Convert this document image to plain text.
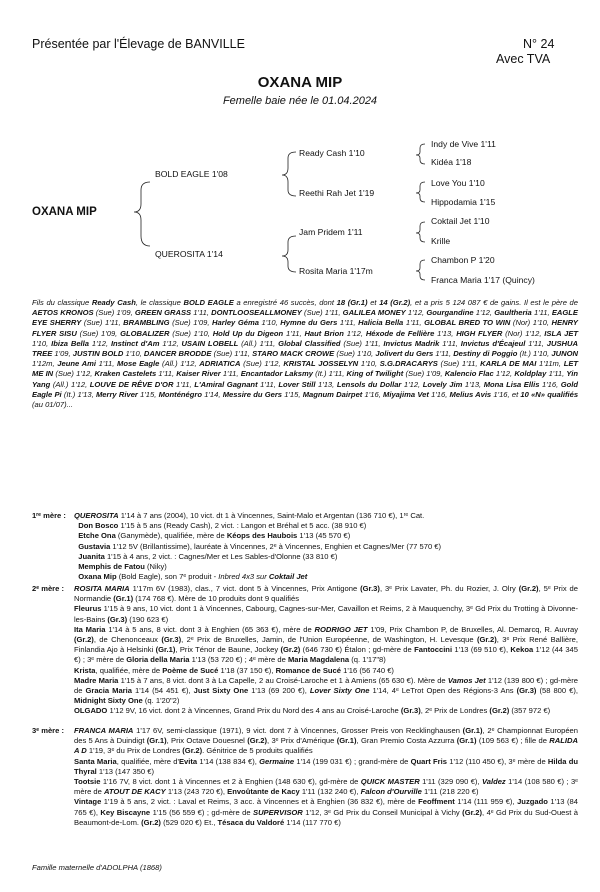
Présentée par l'Élevage de BANVILLE	N° 24
Avec TVA
OXANA MIP
Femelle baie née le 01.04.2024
OXANA MIP
BOLD EAGLE 1'08
QUEROSITA 1'14
Ready Cash 1'10
Reethi Rah Jet 1'19
Jam Pridem 1'11
Rosita Maria 1'17m
Indy de Vive 1'11
Kidéa 1'18
Love You 1'10
Hippodamia 1'15
Coktail Jet 1'10
Krille
Chambon P 1'20
Franca Maria 1'17 (Quincy)
Fils du classique Ready Cash, le classique BOLD EAGLE a enregistré 46 succès, dont 18 (Gr.1) et 14 (Gr.2), et a pris 5 124 087 € de gains. Il est le père de AETOS KRONOS (Sue) 1'09, GREEN GRASS 1'11, DONTLOOSEALLMONEY (Sue) 1'11, GALILEA MONEY 1'12, Gourgandine 1'12, Gaultheria 1'11, EAGLE EYE SHERRY (Sue) 1'11, BRAMBLING (Sue) 1'09, Harley Géma 1'10, Hymne du Gers 1'11, Halicia Bella 1'11, GLOBAL BRED TO WIN (Nor) 1'10, HENRY FLYER SISU (Sue) 1'09, GLOBALIZER (Sue) 1'10, Hold Up du Digeon 1'11, Haut Brion 1'12, Héxode de Fellière 1'13, HIGH FLYER (Nor) 1'12, ISLA JET 1'10, Ibiza Bella 1'12, Instinct d'Am 1'12, USAIN LOBELL (All.) 1'11, Global Classified (Sue) 1'11, Invictus Madrik 1'11, Invictus d'Écajeul 1'11, JUSHUA TREE 1'09, JUSTIN BOLD 1'10, DANCER BRODDE (Sue) 1'11, STARO MACK CROWE (Sue) 1'10, Jolivert du Gers 1'11, Destiny di Poggio (It.) 1'10, JUNON 1'12m, Jeune Ami 1'11, Mose Eagle (All.) 1'12, ADRIATICA (Sue) 1'12, KRISTAL JOSSELYN 1'10, S.G.DRACARYS (Sue) 1'11, KARLA DE MAI 1'11m, LET ME IN (Sue) 1'12, Kraken Castelets 1'11, Kaiser River 1'11, Encantador Laksmy (It.) 1'11, King of Twilight (Sue) 1'09, Kalencio Flac 1'12, Koldplay 1'11, Yin Yang (All.) 1'12, LOUVE DE RÊVE D'OR 1'11, L'Amiral Gagnant 1'11, Lover Still 1'13, Lensols du Dollar 1'12, Lovely Jim 1'13, Mona Lisa Ellis 1'16, Gold Eagle Pi (It.) 1'13, Merry River 1'15, Monténégro 1'14, Messire du Gers 1'15, Magnum Dairpet 1'16, Miyajima Vet 1'16, Melius Avis 1'16, et 10 «N» qualifiés (au 01/07)...
1ʳᵉ mère : QUEROSITA 1'14 à 7 ans (2004), 10 vict. dt 1 à Vincennes, Saint-Malo et Argentan (136 710 €), 1ʳᵉ Cat.
Don Bosco 1'15 à 5 ans (Ready Cash), 2 vict. : Langon et Bréhal et 5 acc. (38 910 €)
Etche Ona (Ganymède), qualifiée, mère de Kéops des Haubois 1'13 (45 570 €)
Gustavia 1'12 5V (Brillantissime), lauréate à Vincennes, 2ᵉ à Vincennes, Enghien et Cagnes/Mer (77 570 €)
Juanita 1'15 à 4 ans, 2 vict. : Cagnes/Mer et Les Sables-d'Olonne (33 810 €)
Memphis de Fatou (Niky)
Oxana Mip (Bold Eagle), son 7ᵉ produit - Inbred 4x3 sur Coktail Jet
2ᵉ mère : ROSITA MARIA 1'17m 6V (1983), clas., 7 vict. dont 5 à Vincennes, Prix Antigone (Gr.3), 3ᵉ Prix Lavater, Ph. du Rozier, J. Olry (Gr.2), 5ᵉ Prix de Normandie (Gr.1) (174 768 €). Mère de 10 produits dont 9 qualifiés
Fleurus 1'15 à 9 ans, 10 vict. dont 1 à Vincennes, Cabourg, Cagnes-sur-Mer, Cavaillon et Reims, 2 à Mauquenchy, 3ᵉ Gd Prix du Trotting à Divonne-les-Bains (Gr.3) (190 623 €)
Ita Maria 1'14 à 5 ans, 8 vict. dont 3 à Enghien (65 363 €), mère de RODRIGO JET 1'09, Prix Chambon P, de Bruxelles, Al. Demarcq, R. Auvray (Gr.2), de Chenonceaux (Gr.3), 2ᵉ Prix de Bruxelles, Jamin, de l'Union Européenne, de Washington, H. Levesque (Gr.2), 3ᵉ Prix René Ballière, Finlandia Ajo à Helsinki (Gr.1), Prix Ténor de Baune, Jockey (Gr.2) (646 730 €) Étalon ; gd-mère de Fantoccini 1'13 (69 510 €), Kekoa 1'12 (44 345 €) ; 3ᵉ mère de Gloria della Maria 1'13 (53 720 €) ; 4ᵉ mère de Maria Magdalena (q. 1'17"8)
Krista, qualifiée, mère de Poème de Sucé 1'18 (37 150 €), Romance de Sucé 1'16 (56 740 €)
Madre Maria 1'15 à 7 ans, 8 vict. dont 3 à La Capelle, 2 au Croisé-Laroche et 1 à Amiens (65 630 €). Mère de Vamos Jet 1'12 (139 800 €) ; gd-mère de Gracia Maria 1'14 (54 451 €), Just Sixty One 1'13 (69 200 €), Lover Sixty One 1'14, 4ᵉ LeTrot Open des Régions-3 Ans (Gr.3) (58 800 €), Midnight Sixty One (q. 1'20"2)
OLGADO 1'12 9V, 16 vict. dont 2 à Vincennes, Grand Prix du Nord des 4 ans au Croisé-Laroche (Gr.3), 2ᵉ Prix de Londres (Gr.2) (357 972 €)
3ᵉ mère : FRANCA MARIA 1'17 6V, semi-classique (1971), 9 vict. dont 7 à Vincennes, Grosser Preis von Recklinghausen (Gr.1), 2ᵉ Championnat Européen des 5 Ans à Duindigt (Gr.1), Prix Octave Douesnel (Gr.2), 3ᵉ Prix d'Amérique (Gr.1), Gran Premio Costa Azzurra (Gr.1) (109 563 €) ; fille de RALIDA A D 1'19, 3ᵉ du Prix de Londres (Gr.2). Génitrice de 5 produits qualifiés
Santa Maria, qualifiée, mère d'Evita 1'14 (138 834 €), Germaine 1'14 (199 031 €) ; grand-mère de Quart Fris 1'12 (110 450 €), 3ᵉ mère de Hilda du Thyral 1'13 (147 350 €)
Tootsie 1'16 7V, 8 vict. dont 1 à Vincennes et 2 à Enghien (148 630 €), gd-mère de QUICK MASTER 1'11 (329 090 €), Valdez 1'14 (108 580 €) ; 3ᵉ mère de ATOUT DE KACY 1'13 (243 720 €), Envoûtante de Kacy 1'11 (132 240 €), Falcon d'Ourville 1'11 (218 220 €)
Vintage 1'19 à 5 ans, 2 vict. : Laval et Reims, 3 acc. à Vincennes et à Enghien (36 832 €), mère de Feoffment 1'14 (111 959 €), Juzgado 1'13 (84 765 €), Key Biscayne 1'15 (56 559 €) ; gd-mère de SUPERVISOR 1'12, 3ᵉ Gd Prix du Conseil Municipal à Vichy (Gr.2), 4ᵉ Gd Prix du Sud-Ouest à Beaumont-de-Lom. (Gr.2) (529 020 €) Et., Tésaca du Valdoré 1'14 (117 770 €)
Famille maternelle d'ADOLPHA (1868)
